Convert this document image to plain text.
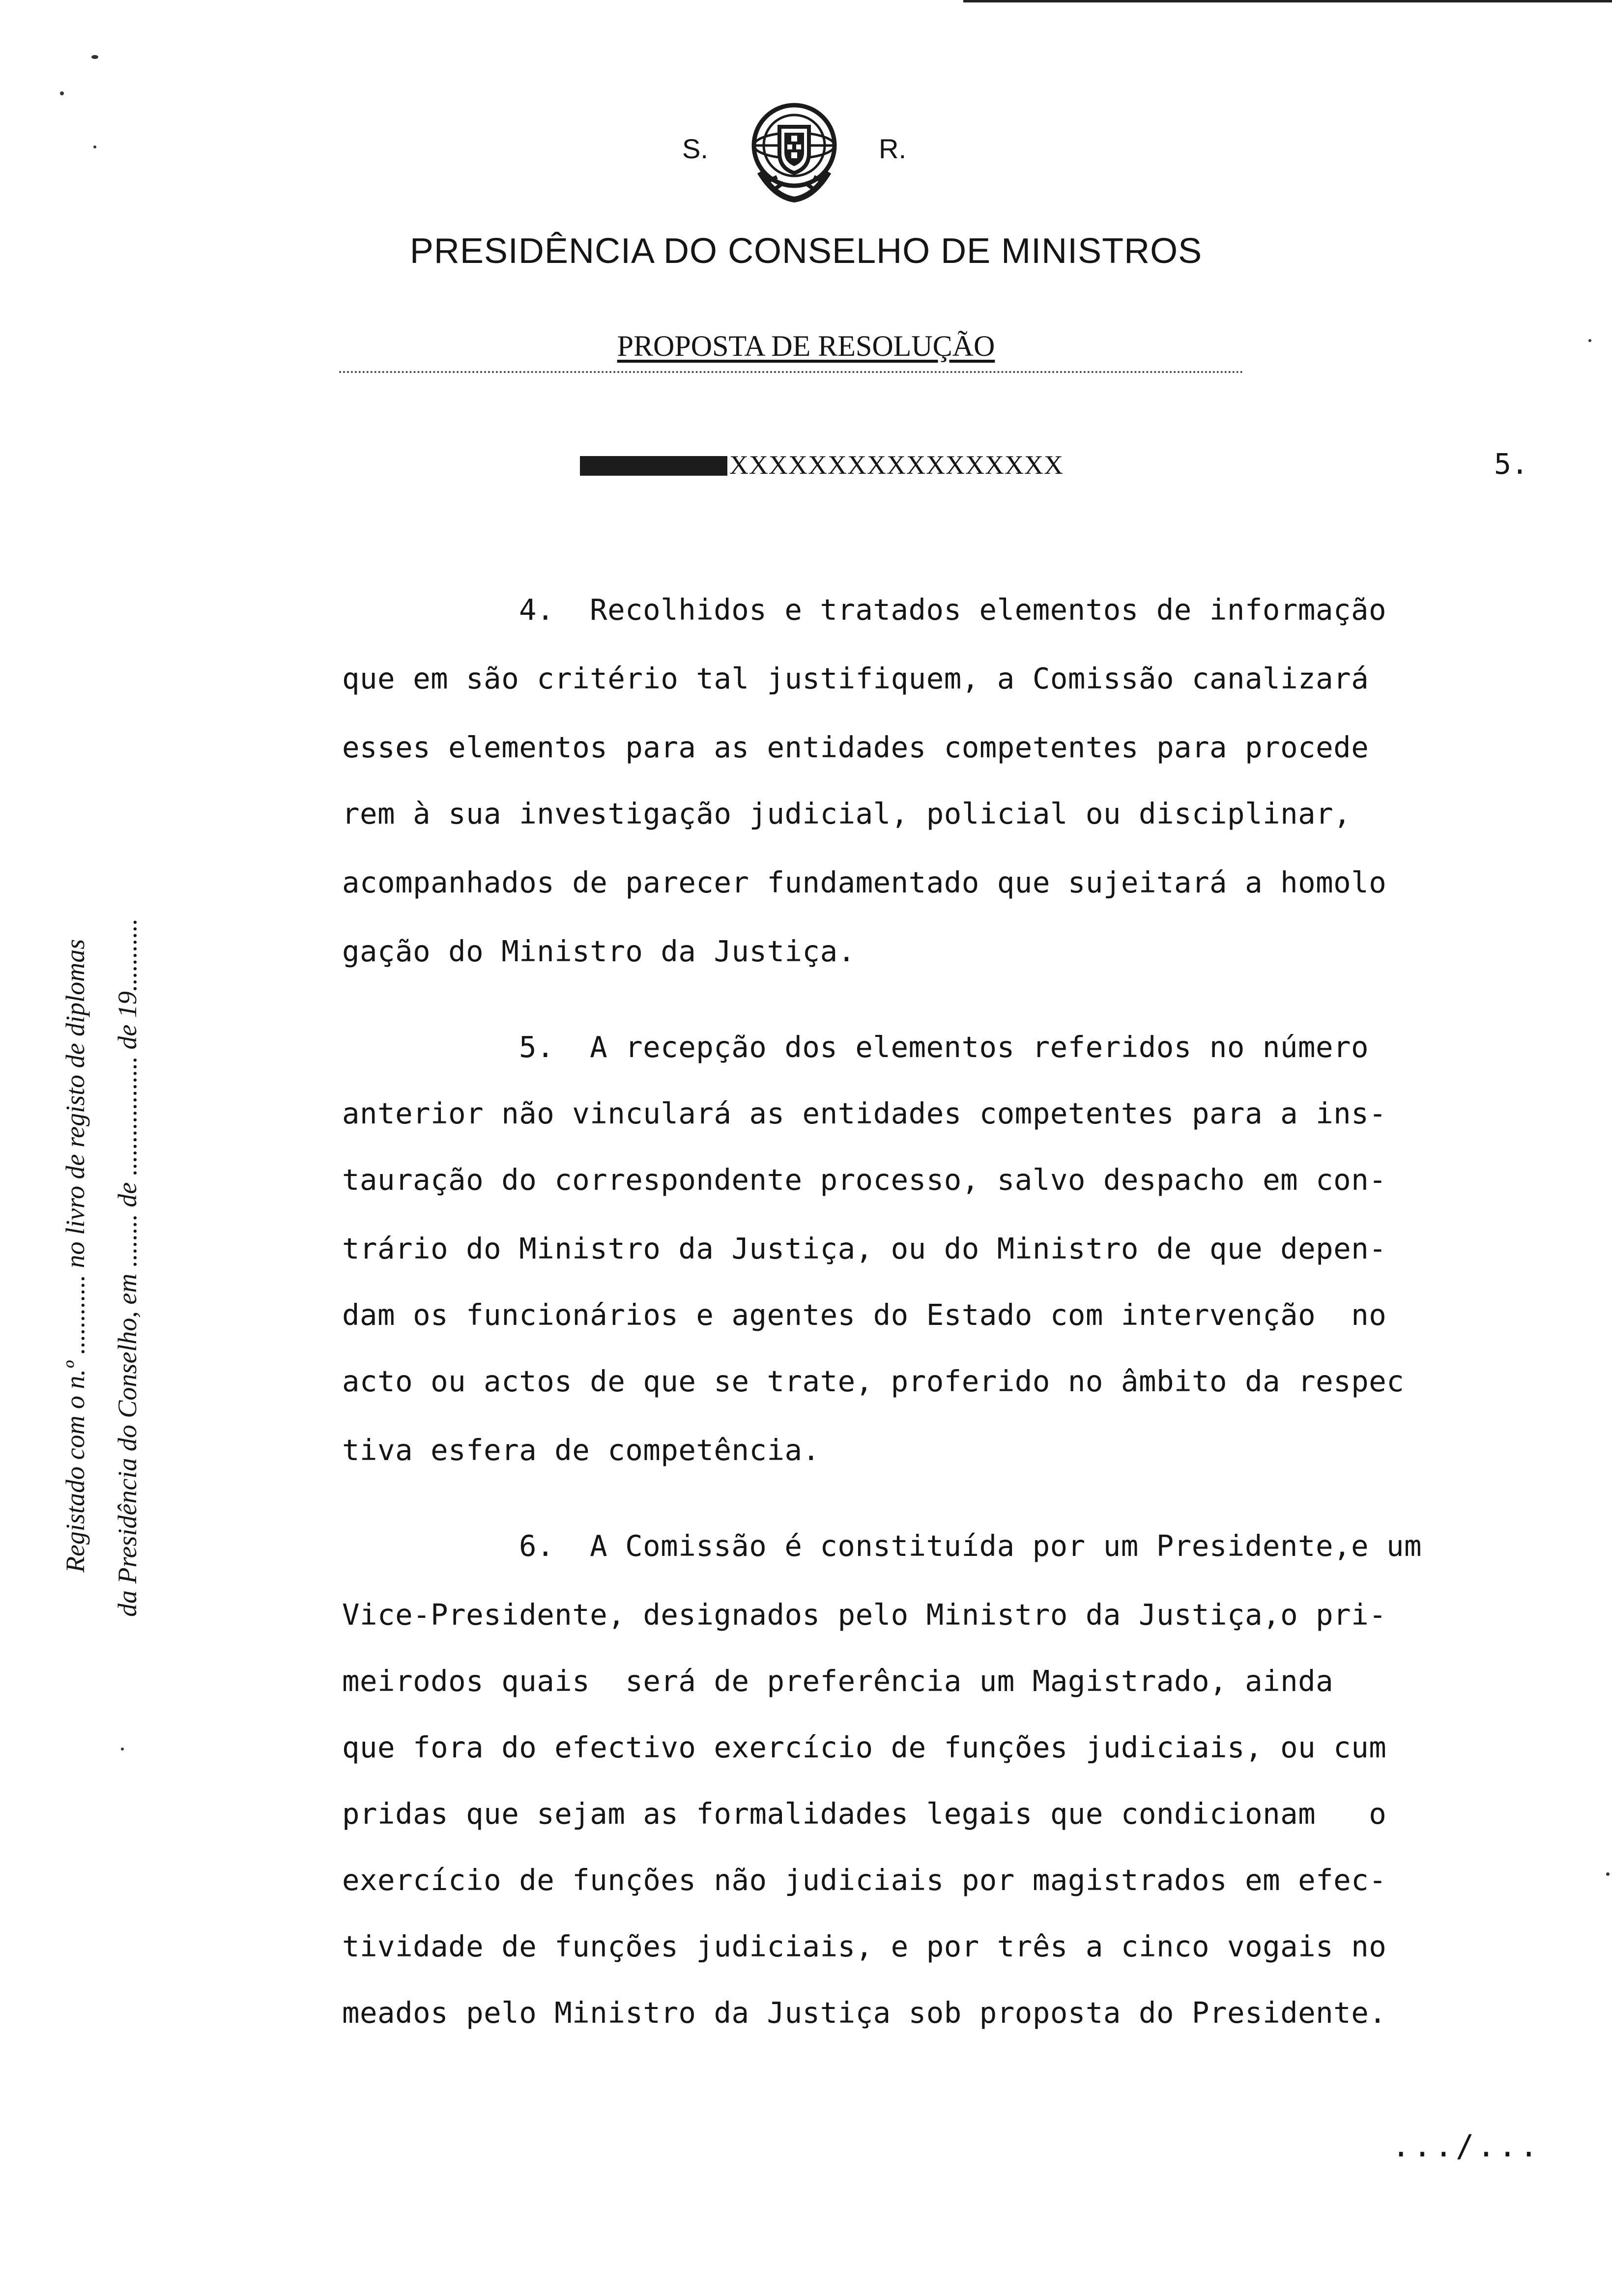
S.	R.
PRESIDÊNCIA DO CONSELHO DE MINISTROS
PROPOSTA DE RESOLUÇÃO
XXXXXXXXXXXXXXXXX	5.
4.  Recolhidos e tratados elementos de informação
que em são critério tal justifiquem, a Comissão canalizará
esses elementos para as entidades competentes para procede
rem à sua investigação judicial, policial ou disciplinar,
acompanhados de parecer fundamentado que sujeitará a homolo
gação do Ministro da Justiça.
5.  A recepção dos elementos referidos no número
anterior não vinculará as entidades competentes para a ins-
tauração do correspondente processo, salvo despacho em con-
trário do Ministro da Justiça, ou do Ministro de que depen-
dam os funcionários e agentes do Estado com intervenção  no
acto ou actos de que se trate, proferido no âmbito da respec
tiva esfera de competência.
6.  A Comissão é constituída por um Presidente,e um
Vice-Presidente, designados pelo Ministro da Justiça,o pri-
meirodos quais  será de preferência um Magistrado, ainda
que fora do efectivo exercício de funções judiciais, ou cum
pridas que sejam as formalidades legais que condicionam   o
exercício de funções não judiciais por magistrados em efec-
tividade de funções judiciais, e por três a cinco vogais no
meados pelo Ministro da Justiça sob proposta do Presidente.
.../...
Registado com o n.º ............ no livro de registo de diplomas da Presidência do Conselho, em ........ de .................. de 19...........
